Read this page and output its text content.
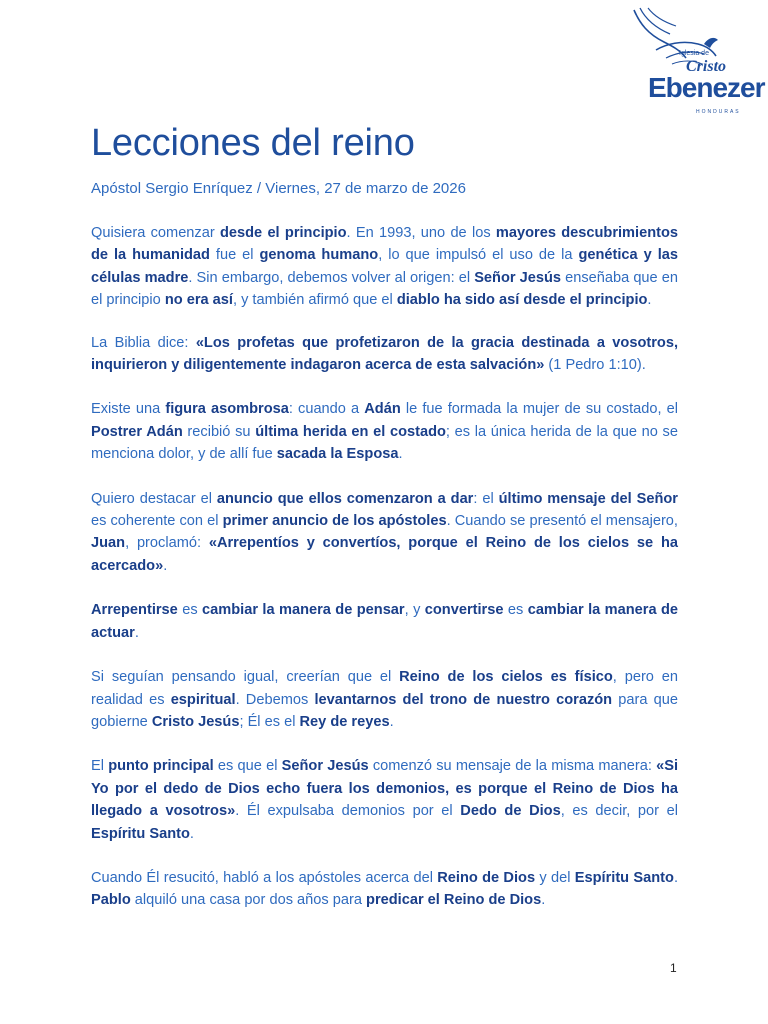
Iglesia de
Cristo
Ebenezer
HONDURAS
Lecciones del reino
Apóstol Sergio Enríquez / Viernes, 27 de marzo de 2026

Quisiera comenzar desde el principio. En 1993, uno de los mayores descubrimientos de la humanidad fue el genoma humano, lo que impulsó el uso de la genética y las células madre. Sin embargo, debemos volver al origen: el Señor Jesús enseñaba que en el principio no era así, y también afirmó que el diablo ha sido así desde el principio.

La Biblia dice: «Los profetas que profetizaron de la gracia destinada a vosotros, inquirieron y diligentemente indagaron acerca de esta salvación» (1 Pedro 1:10).

Existe una figura asombrosa: cuando a Adán le fue formada la mujer de su costado, el Postrer Adán recibió su última herida en el costado; es la única herida de la que no se menciona dolor, y de allí fue sacada la Esposa.

Quiero destacar el anuncio que ellos comenzaron a dar: el último mensaje del Señor es coherente con el primer anuncio de los apóstoles. Cuando se presentó el mensajero, Juan, proclamó: «Arrepentíos y convertíos, porque el Reino de los cielos se ha acercado».

Arrepentirse es cambiar la manera de pensar, y convertirse es cambiar la manera de actuar.

Si seguían pensando igual, creerían que el Reino de los cielos es físico, pero en realidad es espiritual. Debemos levantarnos del trono de nuestro corazón para que gobierne Cristo Jesús; Él es el Rey de reyes.

El punto principal es que el Señor Jesús comenzó su mensaje de la misma manera: «Si Yo por el dedo de Dios echo fuera los demonios, es porque el Reino de Dios ha llegado a vosotros». Él expulsaba demonios por el Dedo de Dios, es decir, por el Espíritu Santo.

Cuando Él resucitó, habló a los apóstoles acerca del Reino de Dios y del Espíritu Santo. Pablo alquiló una casa por dos años para predicar el Reino de Dios.

1
